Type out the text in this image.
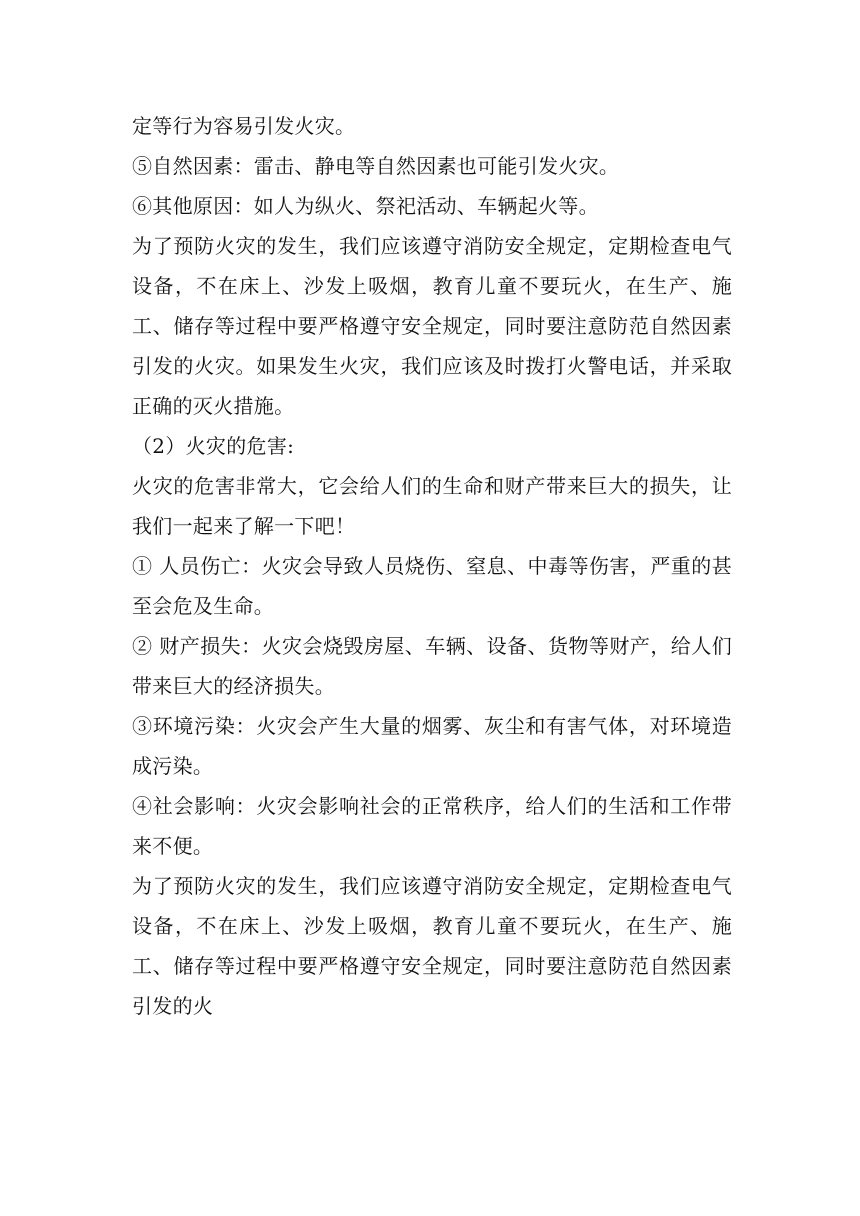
定等行为容易引发火灾。

⑤自然因素：雷击、静电等自然因素也可能引发火灾。

⑥其他原因：如人为纵火、祭祀活动、车辆起火等。

为了预防火灾的发生，我们应该遵守消防安全规定，定期检查电气设备，不在床上、沙发上吸烟，教育儿童不要玩火，在生产、施工、储存等过程中要严格遵守安全规定，同时要注意防范自然因素引发的火灾。如果发生火灾，我们应该及时拨打火警电话，并采取正确的灭火措施。

（2）火灾的危害:

火灾的危害非常大，它会给人们的生命和财产带来巨大的损失，让我们一起来了解一下吧！

① 人员伤亡：火灾会导致人员烧伤、窒息、中毒等伤害，严重的甚至会危及生命。

② 财产损失：火灾会烧毁房屋、车辆、设备、货物等财产，给人们带来巨大的经济损失。

③环境污染：火灾会产生大量的烟雾、灰尘和有害气体，对环境造成污染。

④社会影响：火灾会影响社会的正常秩序，给人们的生活和工作带来不便。

为了预防火灾的发生，我们应该遵守消防安全规定，定期检查电气设备，不在床上、沙发上吸烟，教育儿童不要玩火，在生产、施工、储存等过程中要严格遵守安全规定，同时要注意防范自然因素引发的火
